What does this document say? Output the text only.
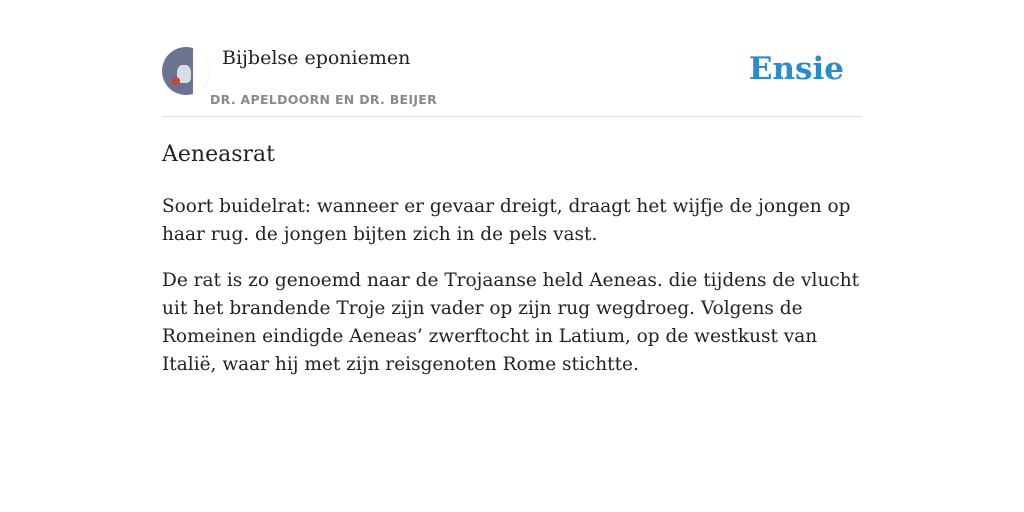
Bijbelse eponiemen
DR. APELDOORN EN DR. BEIJER
Ensie
Aeneasrat

Soort buidelrat: wanneer er gevaar dreigt, draagt het wijfje de jongen op haar rug. de jongen bijten zich in de pels vast.

De rat is zo genoemd naar de Trojaanse held Aeneas. die tijdens de vlucht uit het brandende Troje zijn vader op zijn rug wegdroeg. Volgens de Romeinen eindigde Aeneas’ zwerftocht in Latium, op de westkust van Italië, waar hij met zijn reisgenoten Rome stichtte.
